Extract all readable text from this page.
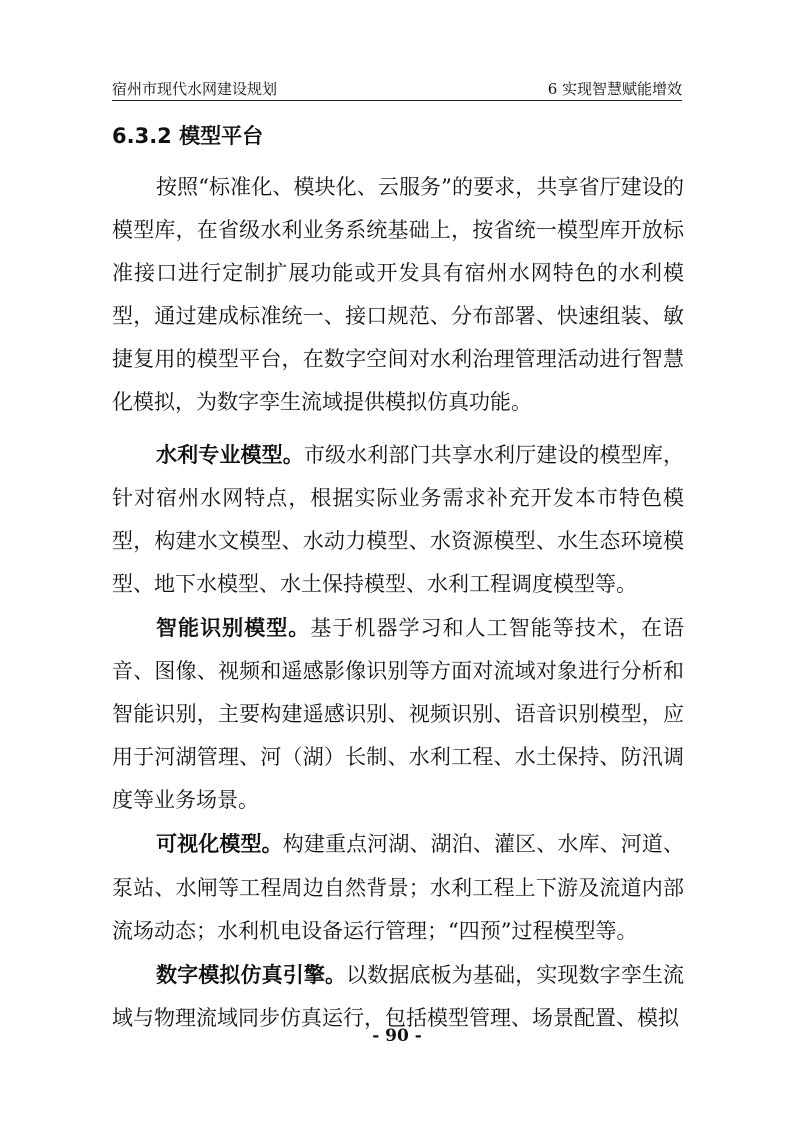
宿州市现代水网建设规划	6 实现智慧赋能增效
6.3.2 模型平台

按照“标准化、模块化、云服务”的要求，共享省厅建设的模型库，在省级水利业务系统基础上，按省统一模型库开放标准接口进行定制扩展功能或开发具有宿州水网特色的水利模型，通过建成标准统一、接口规范、分布部署、快速组装、敏捷复用的模型平台，在数字空间对水利治理管理活动进行智慧化模拟，为数字孪生流域提供模拟仿真功能。

水利专业模型。市级水利部门共享水利厅建设的模型库，针对宿州水网特点，根据实际业务需求补充开发本市特色模型，构建水文模型、水动力模型、水资源模型、水生态环境模型、地下水模型、水土保持模型、水利工程调度模型等。

智能识别模型。基于机器学习和人工智能等技术，在语音、图像、视频和遥感影像识别等方面对流域对象进行分析和智能识别，主要构建遥感识别、视频识别、语音识别模型，应用于河湖管理、河（湖）长制、水利工程、水土保持、防汛调度等业务场景。

可视化模型。构建重点河湖、湖泊、灌区、水库、河道、泵站、水闸等工程周边自然背景；水利工程上下游及流道内部流场动态；水利机电设备运行管理；“四预”过程模型等。

数字模拟仿真引擎。以数据底板为基础，实现数字孪生流域与物理流域同步仿真运行，包括模型管理、场景配置、模拟

- 90 -
